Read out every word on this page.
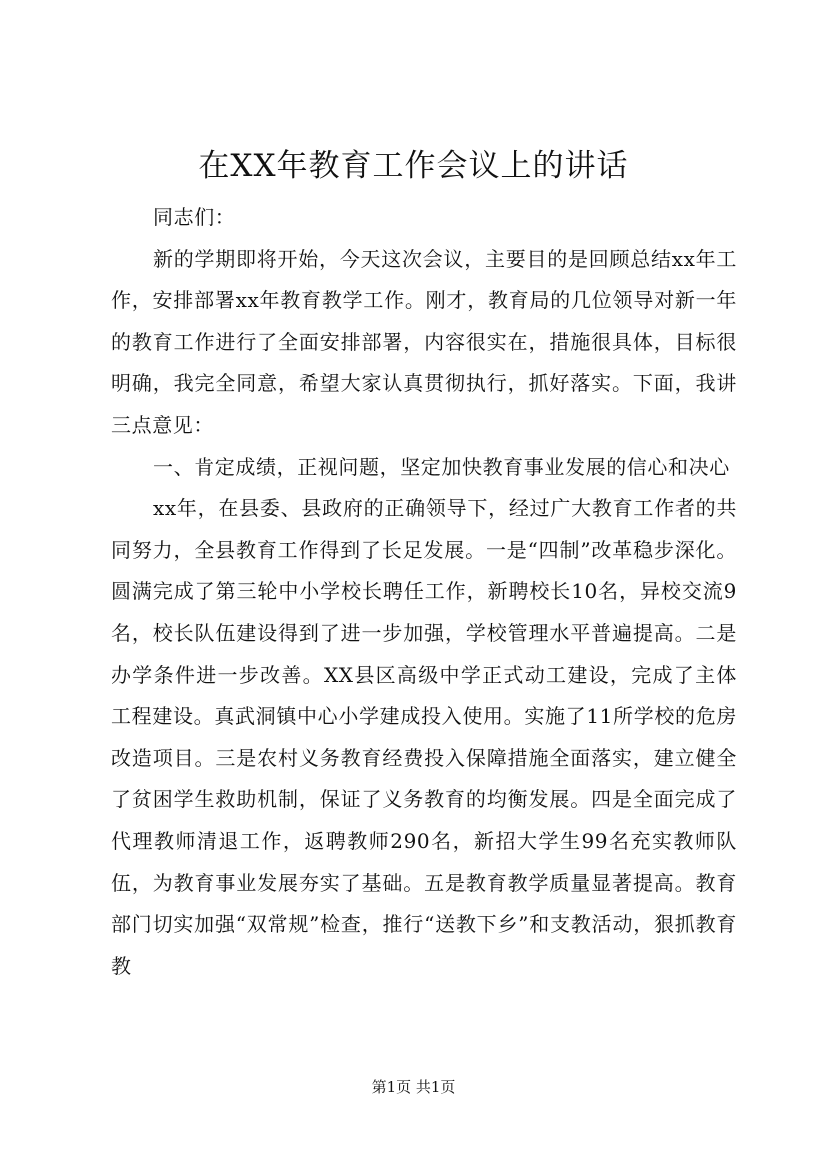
在XX年教育工作会议上的讲话

同志们：

新的学期即将开始，今天这次会议，主要目的是回顾总结xx年工作，安排部署xx年教育教学工作。刚才，教育局的几位领导对新一年的教育工作进行了全面安排部署，内容很实在，措施很具体，目标很明确，我完全同意，希望大家认真贯彻执行，抓好落实。下面，我讲三点意见：

一、肯定成绩，正视问题，坚定加快教育事业发展的信心和决心

xx年，在县委、县政府的正确领导下，经过广大教育工作者的共同努力，全县教育工作得到了长足发展。一是“四制”改革稳步深化。圆满完成了第三轮中小学校长聘任工作，新聘校长10名，异校交流9名，校长队伍建设得到了进一步加强，学校管理水平普遍提高。二是办学条件进一步改善。XX县区高级中学正式动工建设，完成了主体工程建设。真武洞镇中心小学建成投入使用。实施了11所学校的危房改造项目。三是农村义务教育经费投入保障措施全面落实，建立健全了贫困学生救助机制，保证了义务教育的均衡发展。四是全面完成了代理教师清退工作，返聘教师290名，新招大学生99名充实教师队伍，为教育事业发展夯实了基础。五是教育教学质量显著提高。教育部门切实加强“双常规”检查，推行“送教下乡”和支教活动，狠抓教育教

第1页 共1页
